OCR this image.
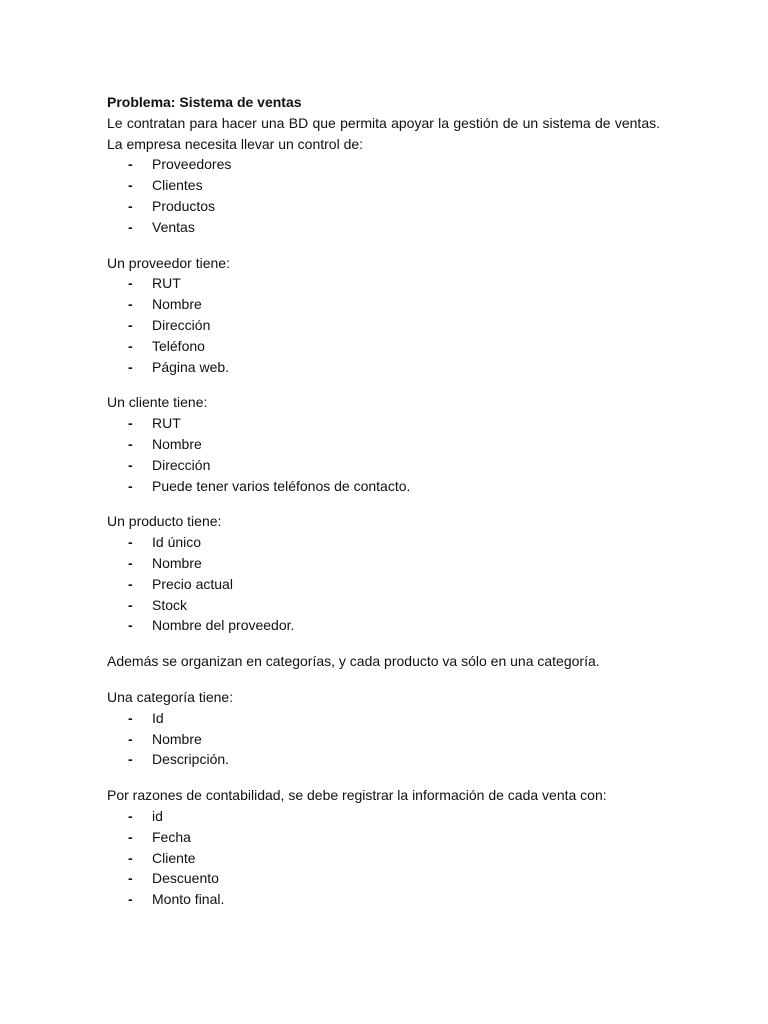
Problema: Sistema de ventas

Le contratan para hacer una BD que permita apoyar la gestión de un sistema de ventas. La empresa necesita llevar un control de:

- Proveedores
- Clientes
- Productos
- Ventas

Un proveedor tiene:

- RUT
- Nombre
- Dirección
- Teléfono
- Página web.

Un cliente tiene:

- RUT
- Nombre
- Dirección
- Puede tener varios teléfonos de contacto.

Un producto tiene:

- Id único
- Nombre
- Precio actual
- Stock
- Nombre del proveedor.

Además se organizan en categorías, y cada producto va sólo en una categoría.

Una categoría tiene:

- Id
- Nombre
- Descripción.

Por razones de contabilidad, se debe registrar la información de cada venta con:

- id
- Fecha
- Cliente
- Descuento
- Monto final.
